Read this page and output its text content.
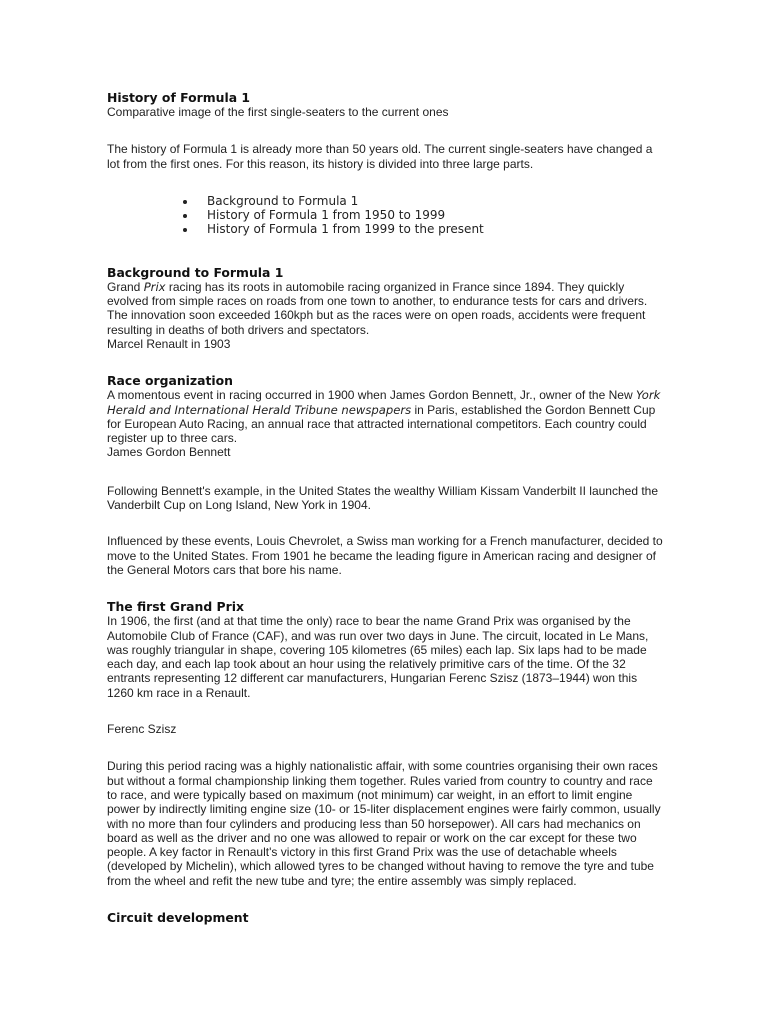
History of Formula 1

Comparative image of the first single-seaters to the current ones

The history of Formula 1 is already more than 50 years old. The current single-seaters have changed a lot from the first ones. For this reason, its history is divided into three large parts.

• Background to Formula 1
• History of Formula 1 from 1950 to 1999
• History of Formula 1 from 1999 to the present
Background to Formula 1

Grand Prix racing has its roots in automobile racing organized in France since 1894. They quickly evolved from simple races on roads from one town to another, to endurance tests for cars and drivers. The innovation soon exceeded 160kph but as the races were on open roads, accidents were frequent resulting in deaths of both drivers and spectators.

Marcel Renault in 1903

Race organization

A momentous event in racing occurred in 1900 when James Gordon Bennett, Jr., owner of the New York Herald and International Herald Tribune newspapers in Paris, established the Gordon Bennett Cup for European Auto Racing, an annual race that attracted international competitors. Each country could register up to three cars.

James Gordon Bennett

Following Bennett's example, in the United States the wealthy William Kissam Vanderbilt II launched the Vanderbilt Cup on Long Island, New York in 1904.

Influenced by these events, Louis Chevrolet, a Swiss man working for a French manufacturer, decided to move to the United States. From 1901 he became the leading figure in American racing and designer of the General Motors cars that bore his name.

The first Grand Prix

In 1906, the first (and at that time the only) race to bear the name Grand Prix was organised by the Automobile Club of France (CAF), and was run over two days in June. The circuit, located in Le Mans, was roughly triangular in shape, covering 105 kilometres (65 miles) each lap. Six laps had to be made each day, and each lap took about an hour using the relatively primitive cars of the time. Of the 32 entrants representing 12 different car manufacturers, Hungarian Ferenc Szisz (1873–1944) won this 1260 km race in a Renault.

Ferenc Szisz

During this period racing was a highly nationalistic affair, with some countries organising their own races but without a formal championship linking them together. Rules varied from country to country and race to race, and were typically based on maximum (not minimum) car weight, in an effort to limit engine power by indirectly limiting engine size (10- or 15-liter displacement engines were fairly common, usually with no more than four cylinders and producing less than 50 horsepower). All cars had mechanics on board as well as the driver and no one was allowed to repair or work on the car except for these two people. A key factor in Renault's victory in this first Grand Prix was the use of detachable wheels (developed by Michelin), which allowed tyres to be changed without having to remove the tyre and tube from the wheel and refit the new tube and tyre; the entire assembly was simply replaced.

Circuit development
